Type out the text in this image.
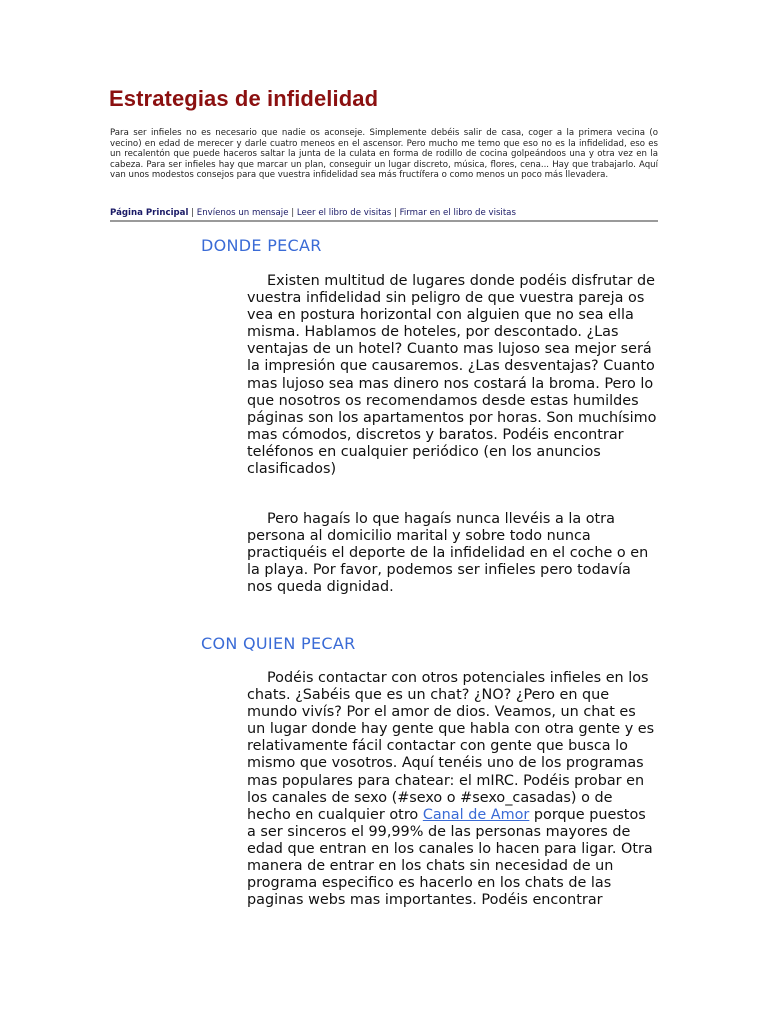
Estrategias de infidelidad

Para ser infieles no es necesario que nadie os aconseje. Simplemente debéis salir de casa, coger a la primera vecina (o vecino) en edad de merecer y darle cuatro meneos en el ascensor. Pero mucho me temo que eso no es la infidelidad, eso es un recalentón que puede haceros saltar la junta de la culata en forma de rodillo de cocina golpeándoos una y otra vez en la cabeza. Para ser infieles hay que marcar un plan, conseguir un lugar discreto, música, flores, cena... Hay que trabajarlo. Aquí van unos modestos consejos para que vuestra infidelidad sea más fructífera o como menos un poco más llevadera.

Página Principal | Envíenos un mensaje | Leer el libro de visitas | Firmar en el libro de visitas
DONDE PECAR

Existen multitud de lugares donde podéis disfrutar de vuestra infidelidad sin peligro de que vuestra pareja os vea en postura horizontal con alguien que no sea ella misma. Hablamos de hoteles, por descontado. ¿Las ventajas de un hotel? Cuanto mas lujoso sea mejor será la impresión que causaremos. ¿Las desventajas? Cuanto mas lujoso sea mas dinero nos costará la broma. Pero lo que nosotros os recomendamos desde estas humildes páginas son los apartamentos por horas. Son muchísimo mas cómodos, discretos y baratos. Podéis encontrar teléfonos en cualquier periódico (en los anuncios clasificados)

Pero hagaís lo que hagaís nunca llevéis a la otra persona al domicilio marital y sobre todo nunca practiquéis el deporte de la infidelidad en el coche o en la playa. Por favor, podemos ser infieles pero todavía nos queda dignidad.

CON QUIEN PECAR

Podéis contactar con otros potenciales infieles en los chats. ¿Sabéis que es un chat? ¿NO? ¿Pero en que mundo vivís? Por el amor de dios. Veamos, un chat es un lugar donde hay gente que habla con otra gente y es relativamente fácil contactar con gente que busca lo mismo que vosotros. Aquí tenéis uno de los programas mas populares para chatear: el mIRC. Podéis probar en los canales de sexo (#sexo o #sexo_casadas) o de hecho en cualquier otro Canal de Amor porque puestos a ser sinceros el 99,99% de las personas mayores de edad que entran en los canales lo hacen para ligar. Otra manera de entrar en los chats sin necesidad de un programa especifico es hacerlo en los chats de las paginas webs mas importantes. Podéis encontrar
